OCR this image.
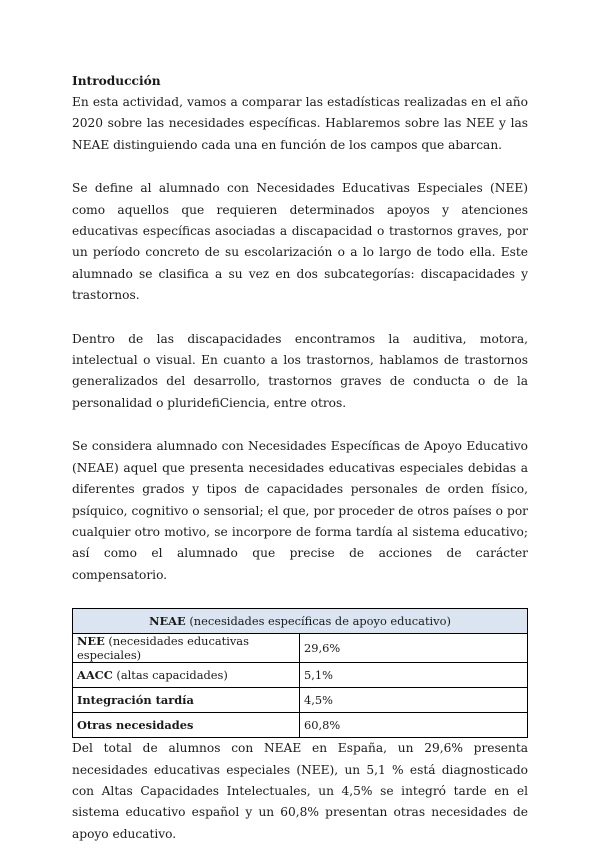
Introducción

En esta actividad, vamos a comparar las estadísticas realizadas en el año 2020 sobre las necesidades específicas. Hablaremos sobre las NEE y las NEAE distinguiendo cada una en función de los campos que abarcan.

Se define al alumnado con Necesidades Educativas Especiales (NEE) como aquellos que requieren determinados apoyos y atenciones educativas específicas asociadas a discapacidad o trastornos graves, por un período concreto de su escolarización o a lo largo de todo ella. Este alumnado se clasifica a su vez en dos subcategorías: discapacidades y trastornos.

Dentro de las discapacidades encontramos la auditiva, motora, intelectual o visual. En cuanto a los trastornos, hablamos de trastornos generalizados del desarrollo, trastornos graves de conducta o de la personalidad o pluridefiCiencia, entre otros.

Se considera alumnado con Necesidades Específicas de Apoyo Educativo (NEAE) aquel que presenta necesidades educativas especiales debidas a diferentes grados y tipos de capacidades personales de orden físico, psíquico, cognitivo o sensorial; el que, por proceder de otros países o por cualquier otro motivo, se incorpore de forma tardía al sistema educativo; así como el alumnado que precise de acciones de carácter compensatorio.

NEAE (necesidades específicas de apoyo educativo)	
NEE (necesidades educativas especiales)	29,6%
AACC (altas capacidades)	5,1%
Integración tardía	4,5%
Otras necesidades	60,8%

Del total de alumnos con NEAE en España, un 29,6% presenta necesidades educativas especiales (NEE), un 5,1 % está diagnosticado con Altas Capacidades Intelectuales, un 4,5% se integró tarde en el sistema educativo español y un 60,8% presentan otras necesidades de apoyo educativo.
